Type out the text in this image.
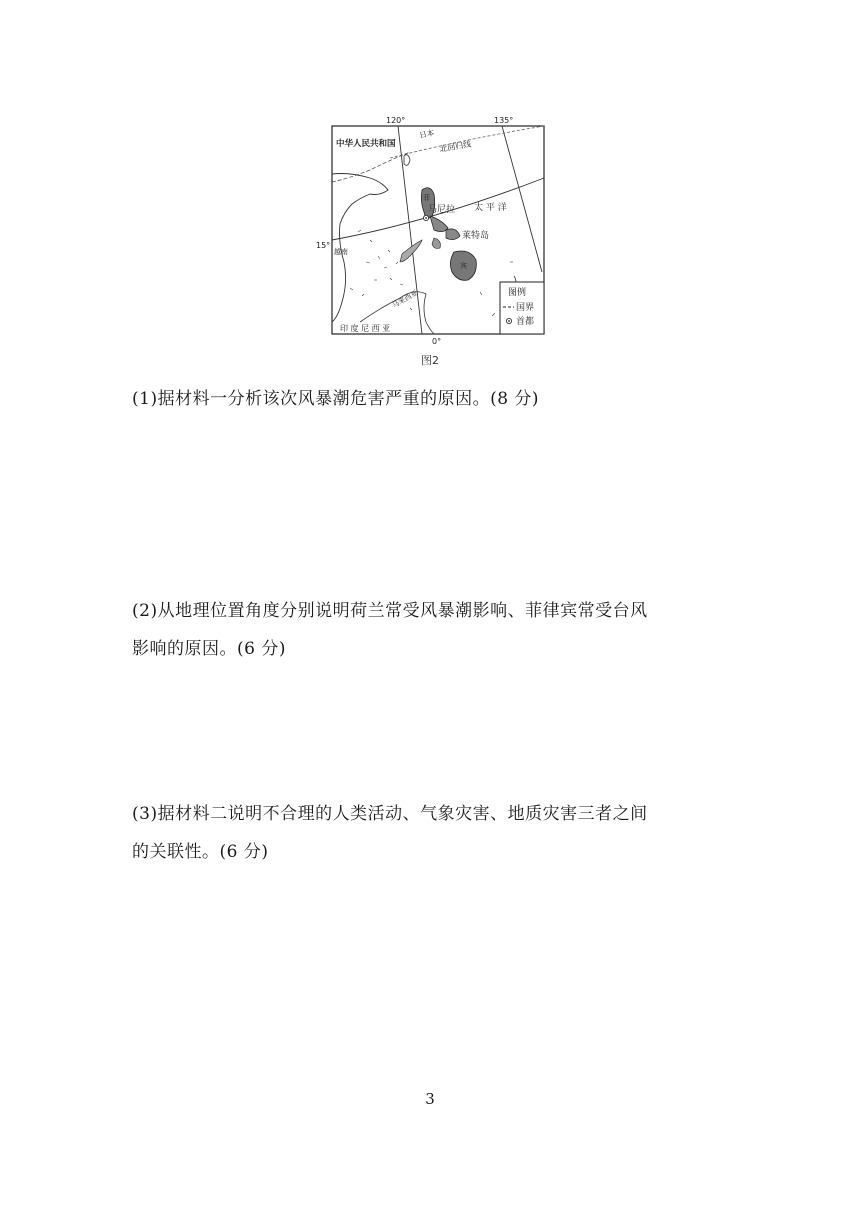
120°	135°
15°
0°
中华人民共和国
日本
北回归线
马尼拉 太 平 洋
莱特岛
菲
宾
越南
印 度 尼 西 亚
马来西亚	图例
国界
首都
图2
(1)据材料一分析该次风暴潮危害严重的原因。(8 分)
(2)从地理位置角度分别说明荷兰常受风暴潮影响、菲律宾常受台风
影响的原因。(6 分)
(3)据材料二说明不合理的人类活动、气象灾害、地质灾害三者之间
的关联性。(6 分)
3
